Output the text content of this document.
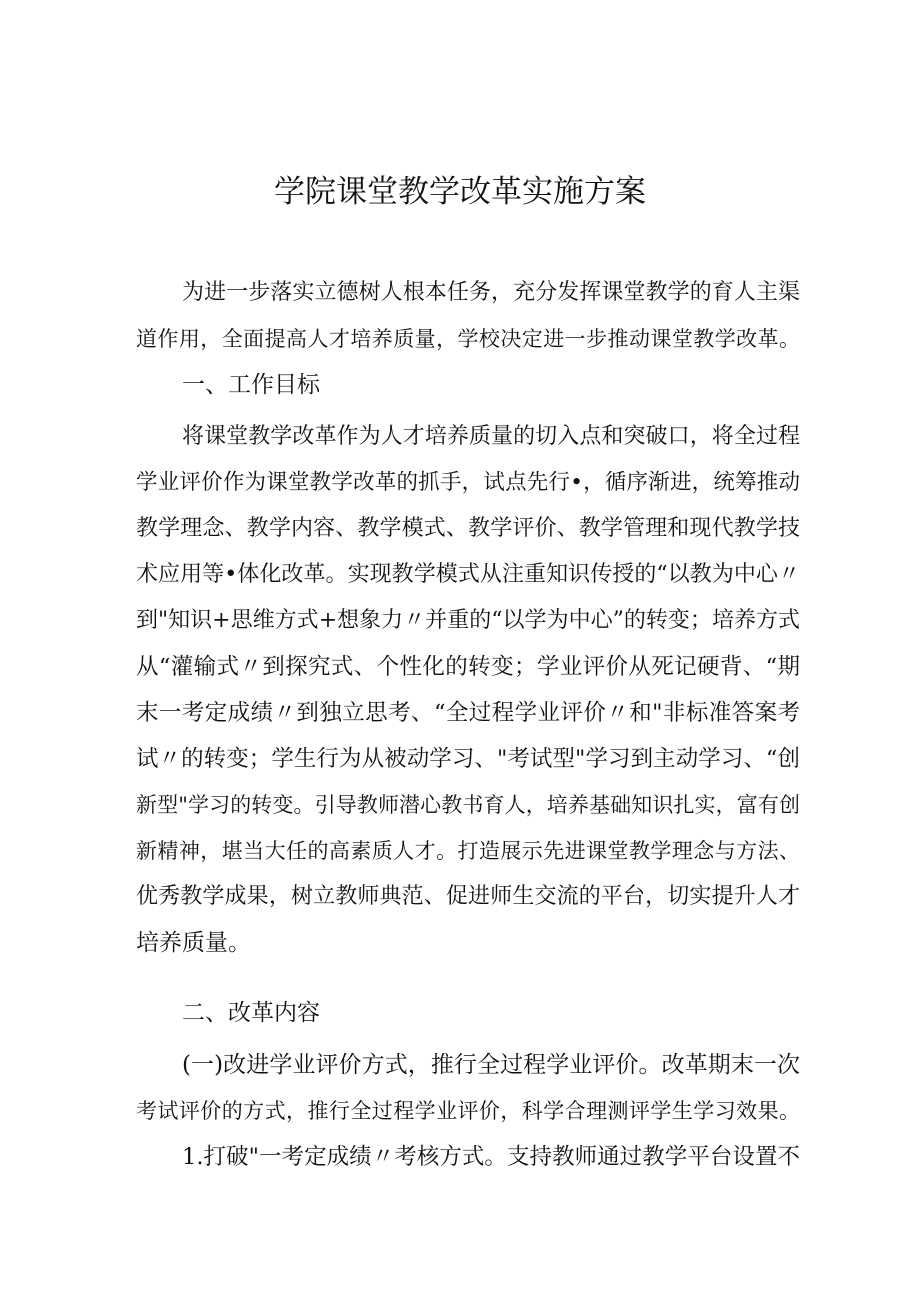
学院课堂教学改革实施方案
为进一步落实立德树人根本任务，充分发挥课堂教学的育人主渠
道作用，全面提高人才培养质量，学校决定进一步推动课堂教学改革。
一、工作目标
将课堂教学改革作为人才培养质量的切入点和突破口，将全过程
学业评价作为课堂教学改革的抓手，试点先行•，循序渐进，统筹推动
教学理念、教学内容、教学模式、教学评价、教学管理和现代教学技
术应用等•体化改革。实现教学模式从注重知识传授的“以教为中心〃
到"知识+思维方式+想象力〃并重的“以学为中心”的转变；培养方式
从“灌输式〃到探究式、个性化的转变；学业评价从死记硬背、“期
末一考定成绩〃到独立思考、“全过程学业评价〃和"非标准答案考
试〃的转变；学生行为从被动学习、"考试型"学习到主动学习、“创
新型"学习的转变。引导教师潜心教书育人，培养基础知识扎实，富有创
新精神，堪当大任的高素质人才。打造展示先进课堂教学理念与方法、
优秀教学成果，树立教师典范、促进师生交流的平台，切实提升人才
培养质量。
二、改革内容
(一)改进学业评价方式，推行全过程学业评价。改革期末一次
考试评价的方式，推行全过程学业评价，科学合理测评学生学习效果。
1.打破"一考定成绩〃考核方式。支持教师通过教学平台设置不
